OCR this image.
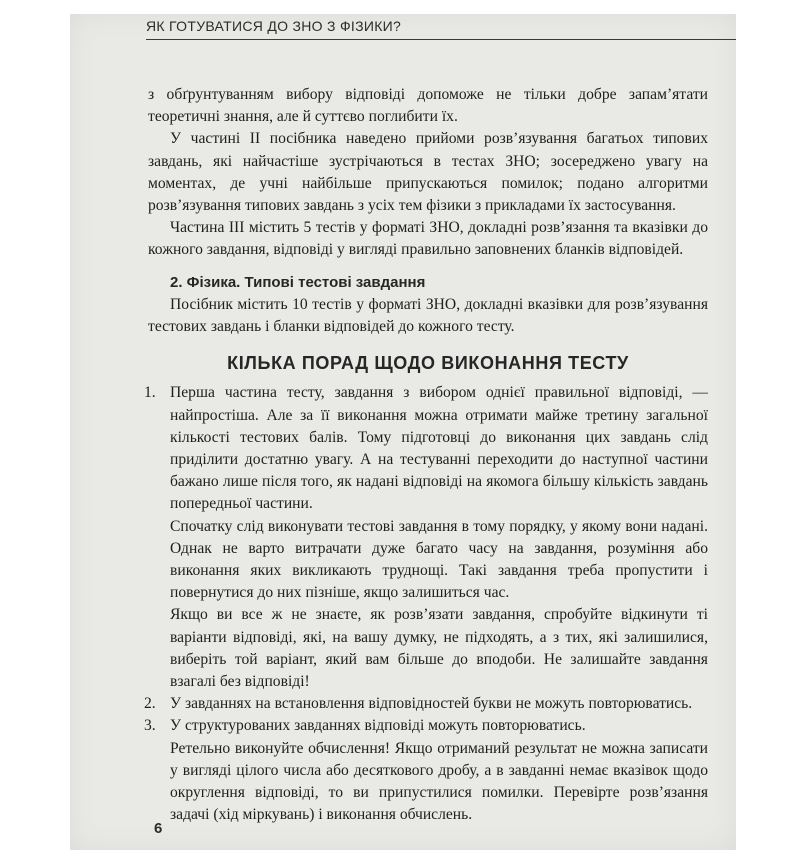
ЯК ГОТУВАТИСЯ ДО ЗНО З ФІЗИКИ?

з обґрунтуванням вибору відповіді допоможе не тільки добре запам’ятати теоретичні знання, але й суттєво поглибити їх.

У частині II посібника наведено прийоми розв’язування багатьох типових завдань, які найчастіше зустрічаються в тестах ЗНО; зосереджено увагу на моментах, де учні найбільше припускаються помилок; подано алгоритми розв’язування типових завдань з усіх тем фізики з прикладами їх застосування.

Частина III містить 5 тестів у форматі ЗНО, докладні розв’язання та вказівки до кожного завдання, відповіді у вигляді правильно заповнених бланків відповідей.

2. Фізика. Типові тестові завдання

Посібник містить 10 тестів у форматі ЗНО, докладні вказівки для розв’язування тестових завдань і бланки відповідей до кожного тесту.

КІЛЬКА ПОРАД ЩОДО ВИКОНАННЯ ТЕСТУ
1. Перша частина тесту, завдання з вибором однієї правильної відповіді, — найпростіша. Але за її виконання можна отримати майже третину загальної кількості тестових балів. Тому підготовці до виконання цих завдань слід приділити достатню увагу. А на тестуванні переходити до наступної частини бажано лише після того, як надані відповіді на якомога більшу кількість завдань попередньої частини.

Спочатку слід виконувати тестові завдання в тому порядку, у якому вони надані. Однак не варто витрачати дуже багато часу на завдання, розуміння або виконання яких викликають труднощі. Такі завдання треба пропустити і повернутися до них пізніше, якщо залишиться час.

Якщо ви все ж не знаєте, як розв’язати завдання, спробуйте відкинути ті варіанти відповіді, які, на вашу думку, не підходять, а з тих, які залишилися, виберіть той варіант, який вам більше до вподоби. Не залишайте завдання взагалі без відповіді!

2. У завданнях на встановлення відповідностей букви не можуть повторюватись.

3. У структурованих завданнях відповіді можуть повторюватись.

Ретельно виконуйте обчислення! Якщо отриманий результат не можна записати у вигляді цілого числа або десяткового дробу, а в завданні немає вказівок щодо округлення відповіді, то ви припустилися помилки. Перевірте розв’язання задачі (хід міркувань) і виконання обчислень.

6
